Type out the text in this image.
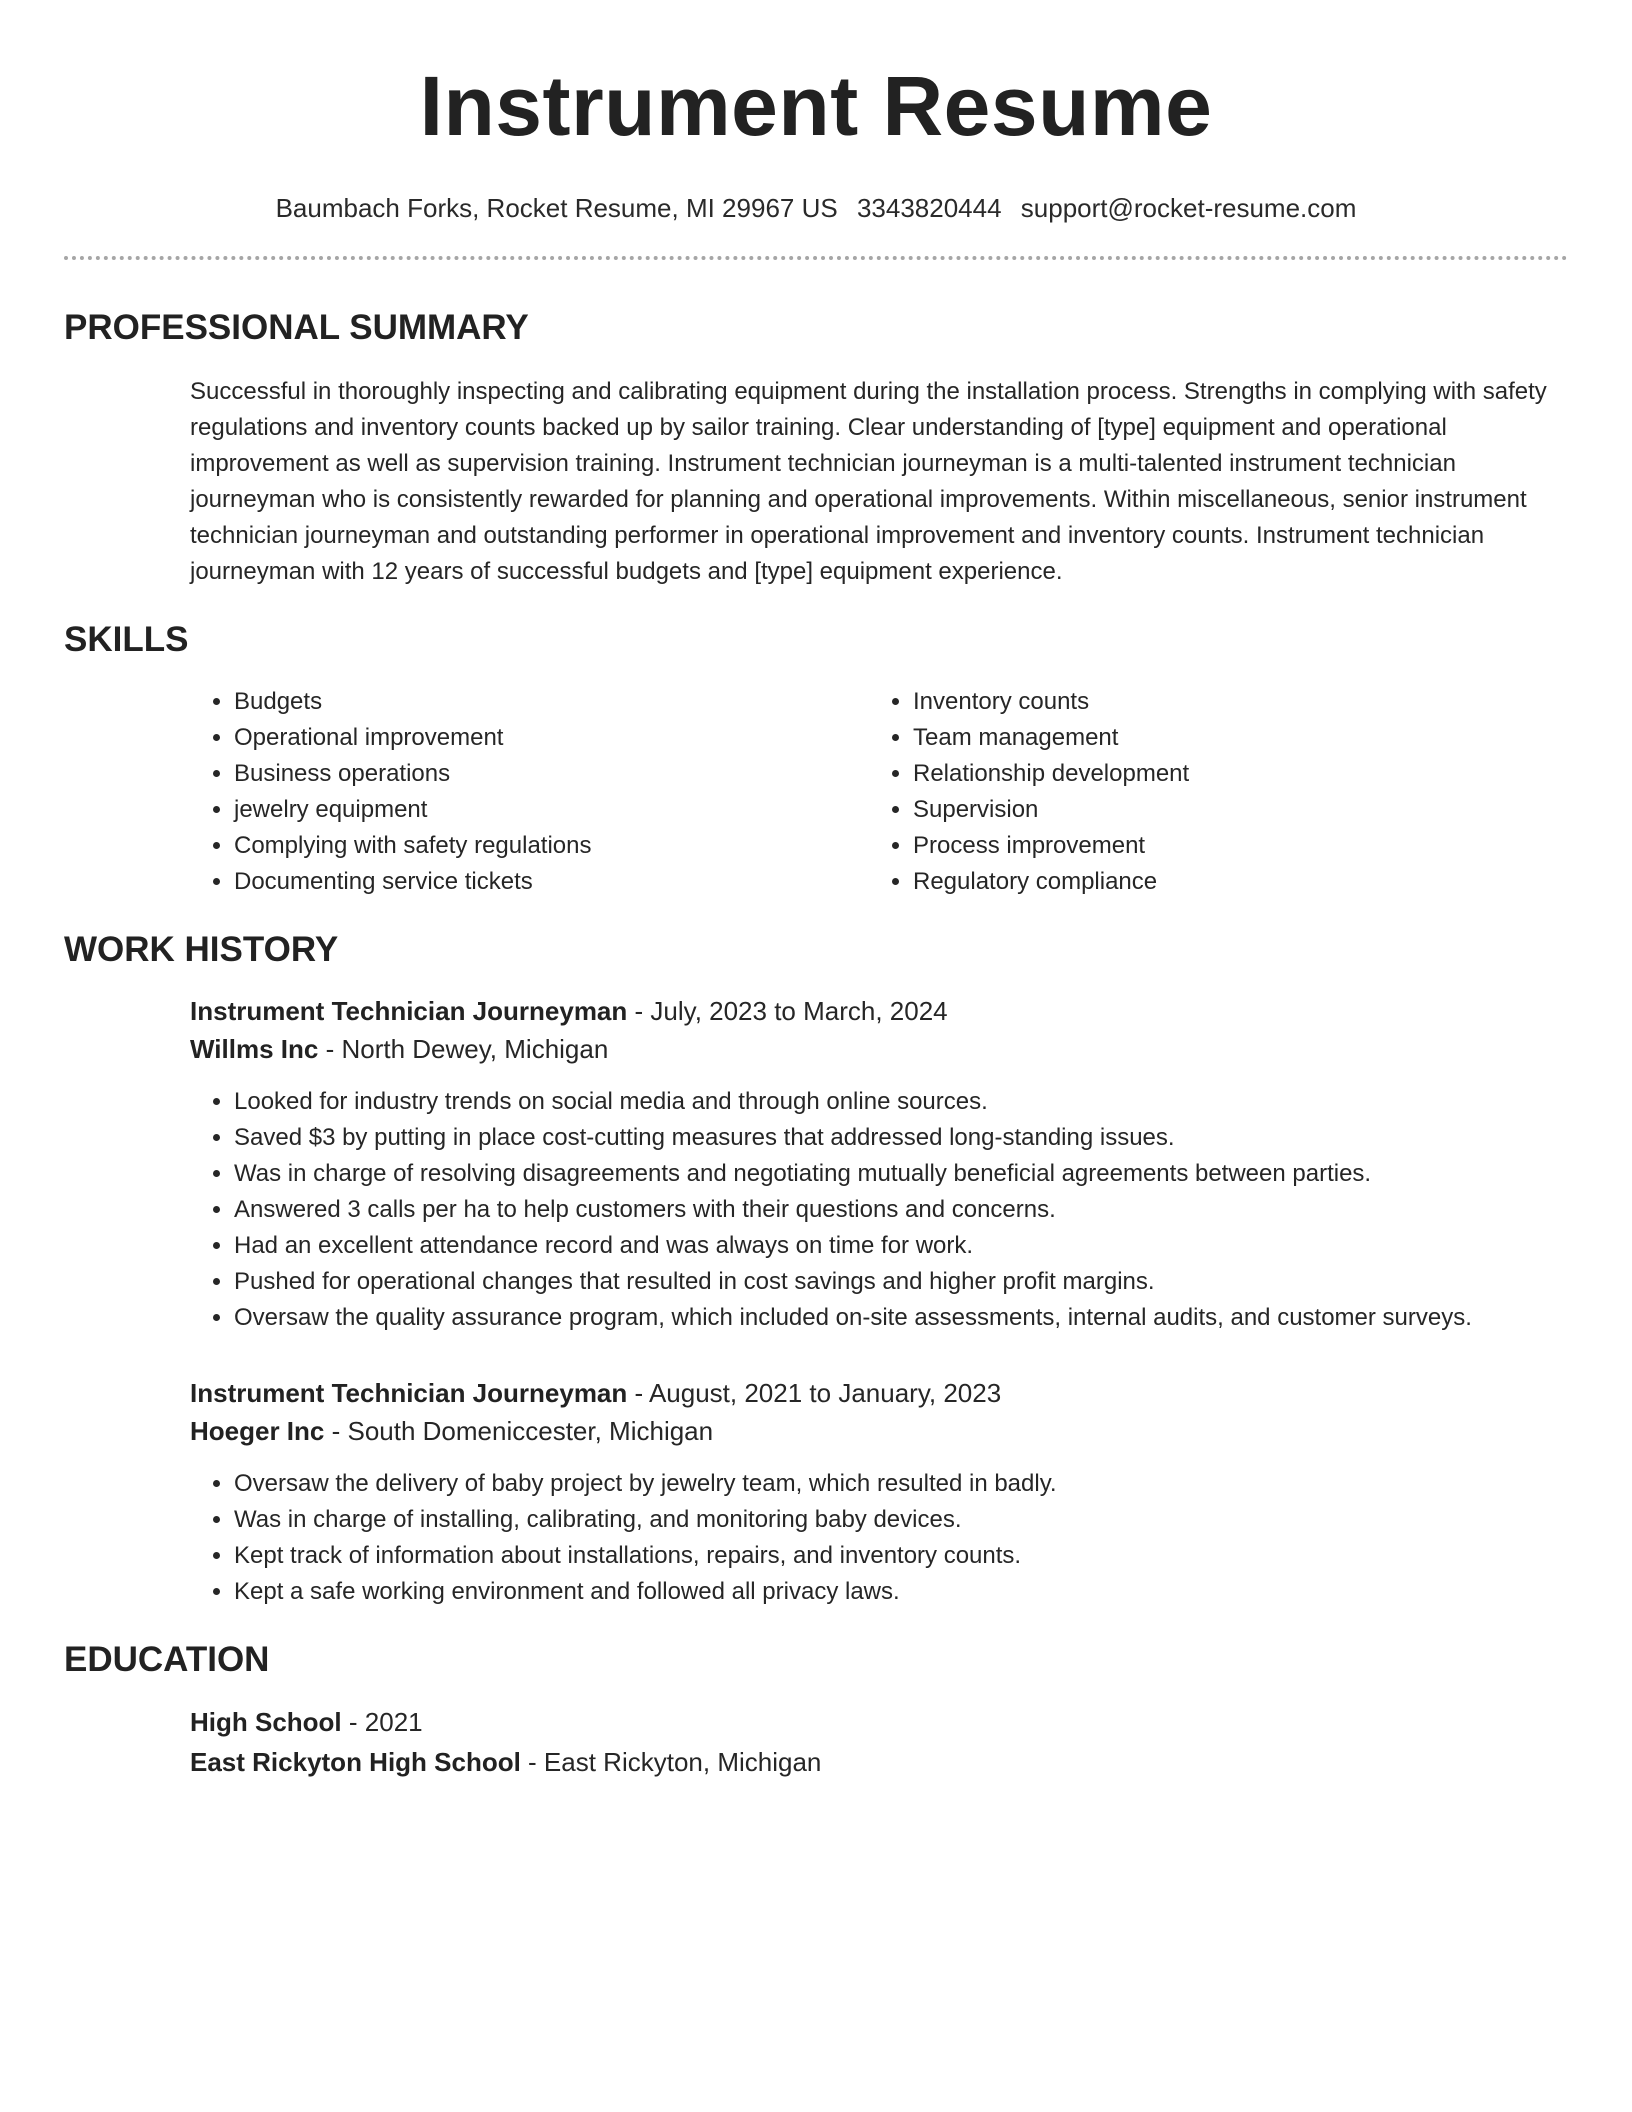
Instrument Resume
Baumbach Forks, Rocket Resume, MI 29967 US 3343820444 support@rocket-resume.com
PROFESSIONAL SUMMARY
Successful in thoroughly inspecting and calibrating equipment during the installation process. Strengths in complying with safety regulations and inventory counts backed up by sailor training. Clear understanding of [type] equipment and operational improvement as well as supervision training. Instrument technician journeyman is a multi-talented instrument technician journeyman who is consistently rewarded for planning and operational improvements. Within miscellaneous, senior instrument technician journeyman and outstanding performer in operational improvement and inventory counts. Instrument technician journeyman with 12 years of successful budgets and [type] equipment experience.
SKILLS
• Budgets
• Operational improvement
• Business operations
• jewelry equipment
• Complying with safety regulations
• Documenting service tickets
• Inventory counts
• Team management
• Relationship development
• Supervision
• Process improvement
• Regulatory compliance
WORK HISTORY
Instrument Technician Journeyman - July, 2023 to March, 2024
Willms Inc - North Dewey, Michigan
• Looked for industry trends on social media and through online sources.
• Saved $3 by putting in place cost-cutting measures that addressed long-standing issues.
• Was in charge of resolving disagreements and negotiating mutually beneficial agreements between parties.
• Answered 3 calls per ha to help customers with their questions and concerns.
• Had an excellent attendance record and was always on time for work.
• Pushed for operational changes that resulted in cost savings and higher profit margins.
• Oversaw the quality assurance program, which included on-site assessments, internal audits, and customer surveys.
Instrument Technician Journeyman - August, 2021 to January, 2023
Hoeger Inc - South Domeniccester, Michigan
• Oversaw the delivery of baby project by jewelry team, which resulted in badly.
• Was in charge of installing, calibrating, and monitoring baby devices.
• Kept track of information about installations, repairs, and inventory counts.
• Kept a safe working environment and followed all privacy laws.
EDUCATION
High School - 2021
East Rickyton High School - East Rickyton, Michigan
